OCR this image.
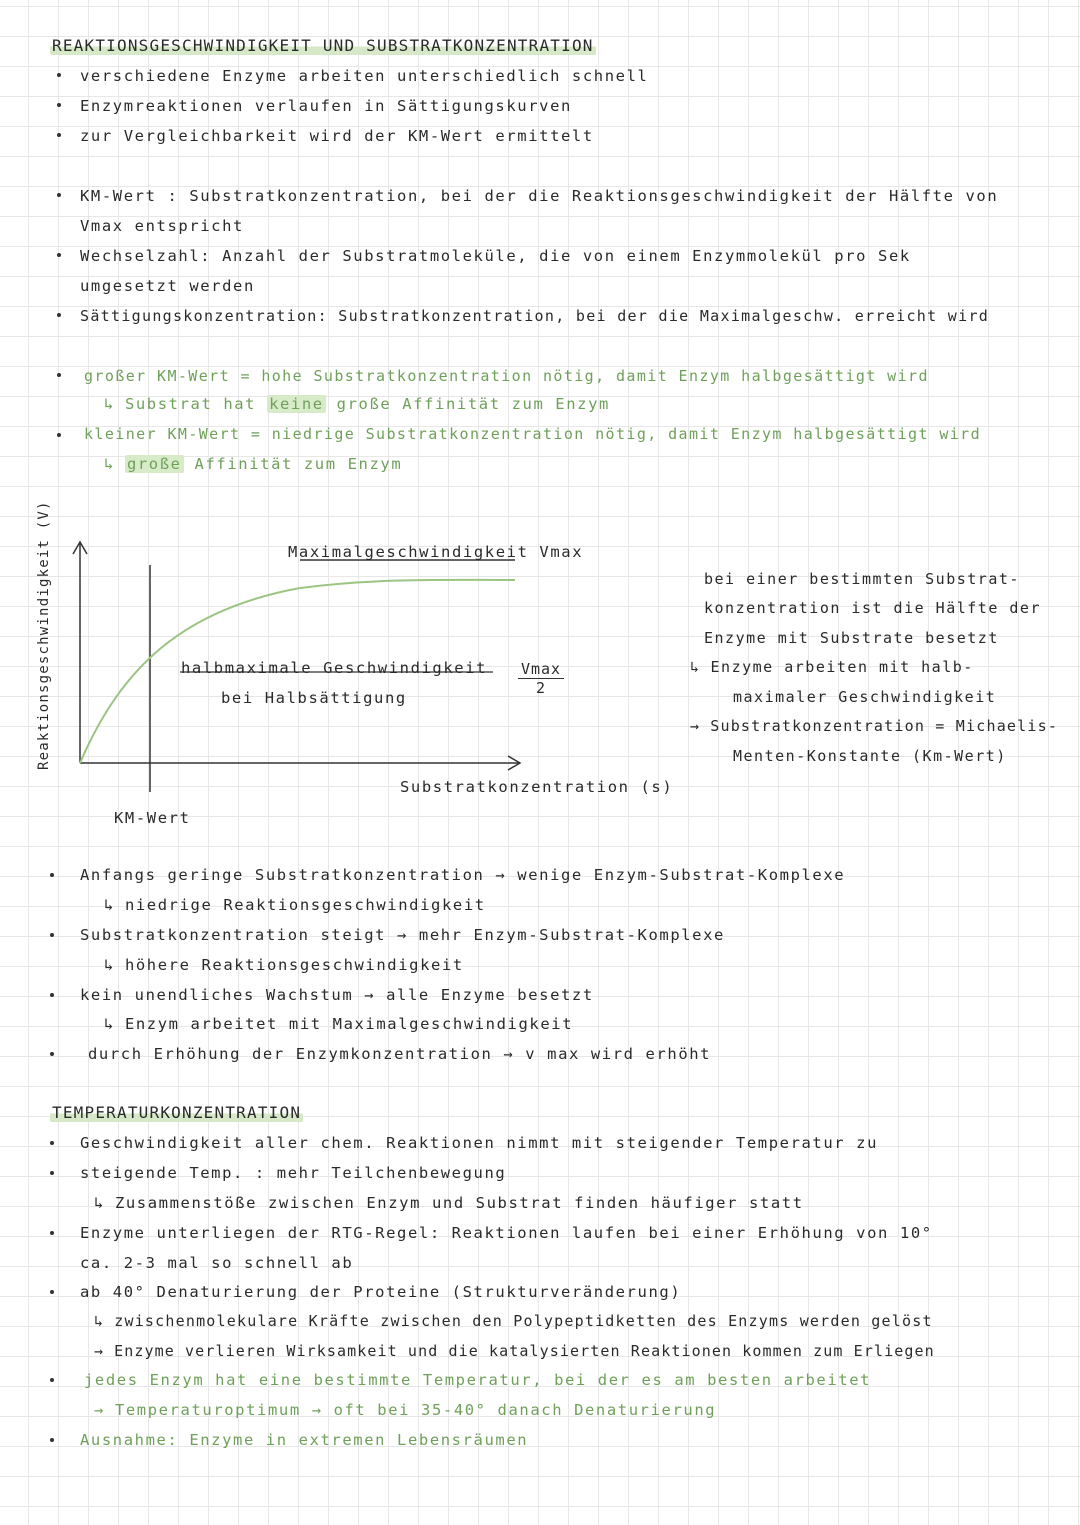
REAKTIONSGESCHWINDIGKEIT UND SUBSTRATKONZENTRATION
verschiedene Enzyme arbeiten unterschiedlich schnell
Enzymreaktionen verlaufen in Sättigungskurven
zur Vergleichbarkeit wird der KM-Wert ermittelt
KM-Wert : Substratkonzentration, bei der die Reaktionsgeschwindigkeit der Hälfte von
Vmax entspricht
Wechselzahl: Anzahl der Substratmoleküle, die von einem Enzymmolekül pro Sek
umgesetzt werden
Sättigungskonzentration: Substratkonzentration, bei der die Maximalgeschw. erreicht wird
großer KM-Wert = hohe Substratkonzentration nötig, damit Enzym halbgesättigt wird
↳ Substrat hat keine große Affinität zum Enzym
kleiner KM-Wert = niedrige Substratkonzentration nötig, damit Enzym halbgesättigt wird
↳ große Affinität zum Enzym
Reaktionsgeschwindigkeit (V)	Maximalgeschwindigkeit Vmax
halbmaximale Geschwindigkeit
bei Halbsättigung
Vmax
2
Substratkonzentration (s)
KM-Wert
bei einer bestimmten Substrat-
konzentration ist die Hälfte der
Enzyme mit Substrate besetzt
↳ Enzyme arbeiten mit halb-
maximaler Geschwindigkeit
→ Substratkonzentration = Michaelis-
Menten-Konstante (Km-Wert)
Anfangs geringe Substratkonzentration → wenige Enzym-Substrat-Komplexe
↳ niedrige Reaktionsgeschwindigkeit
Substratkonzentration steigt → mehr Enzym-Substrat-Komplexe
↳ höhere Reaktionsgeschwindigkeit
kein unendliches Wachstum → alle Enzyme besetzt
↳ Enzym arbeitet mit Maximalgeschwindigkeit
durch Erhöhung der Enzymkonzentration → v max wird erhöht
TEMPERATURKONZENTRATION
Geschwindigkeit aller chem. Reaktionen nimmt mit steigender Temperatur zu
steigende Temp. : mehr Teilchenbewegung
↳ Zusammenstöße zwischen Enzym und Substrat finden häufiger statt
Enzyme unterliegen der RTG-Regel: Reaktionen laufen bei einer Erhöhung von 10°
ca. 2-3 mal so schnell ab
ab 40° Denaturierung der Proteine (Strukturveränderung)
↳ zwischenmolekulare Kräfte zwischen den Polypeptidketten des Enzyms werden gelöst
→ Enzyme verlieren Wirksamkeit und die katalysierten Reaktionen kommen zum Erliegen
jedes Enzym hat eine bestimmte Temperatur, bei der es am besten arbeitet
→ Temperaturoptimum → oft bei 35-40° danach Denaturierung
Ausnahme: Enzyme in extremen Lebensräumen
